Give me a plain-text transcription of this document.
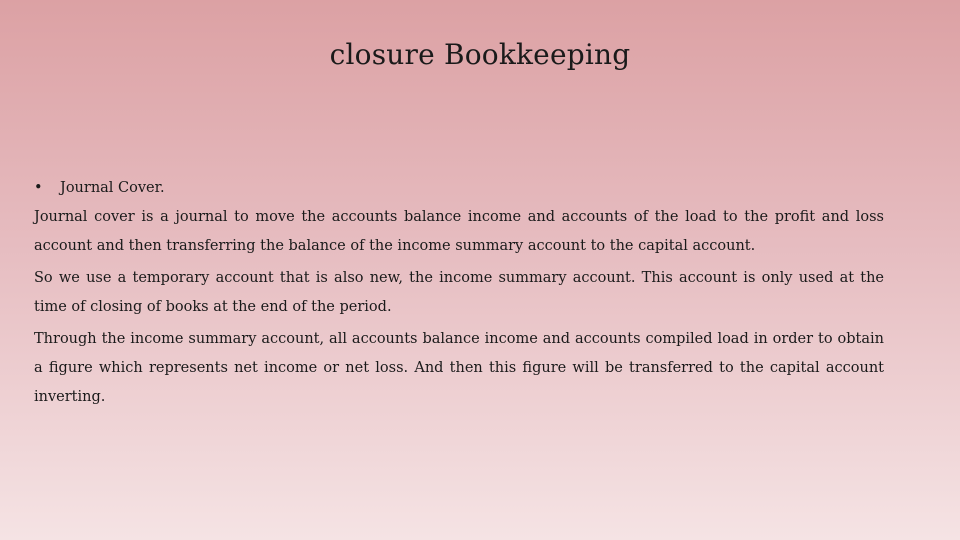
closure Bookkeeping

• Journal Cover.

Journal cover is a journal to move the accounts balance income and accounts of the load to the profit and loss account and then transferring the balance of the income summary account to the capital account.

So we use a temporary account that is also new, the income summary account. This account is only used at the time of closing of books at the end of the period.

Through the income summary account, all accounts balance income and accounts compiled load in order to obtain a figure which represents net income or net loss. And then this figure will be transferred to the capital account inverting.
